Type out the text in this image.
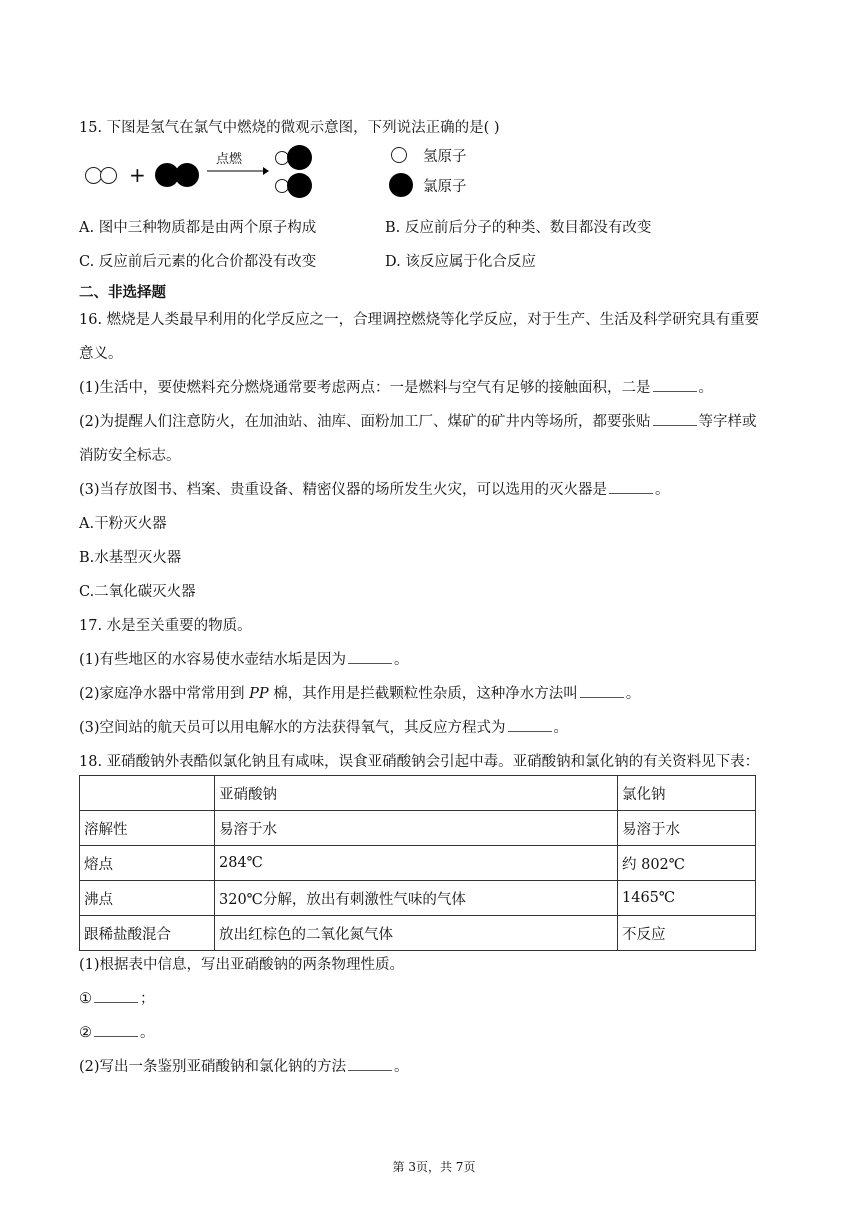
15. 下图是氢气在氯气中燃烧的微观示意图，下列说法正确的是( )
+
点燃	氢原子
氯原子
A. 图中三种物质都是由两个原子构成	B. 反应前后分子的种类、数目都没有改变
C. 反应前后元素的化合价都没有改变	D. 该反应属于化合反应
二、非选择题
16. 燃烧是人类最早利用的化学反应之一，合理调控燃烧等化学反应，对于生产、生活及科学研究具有重要
意义。
(1)生活中，要使燃料充分燃烧通常要考虑两点：一是燃料与空气有足够的接触面积，二是	。
(2)为提醒人们注意防火，在加油站、油库、面粉加工厂、煤矿的矿井内等场所，都要张贴	等字样或
消防安全标志。
(3)当存放图书、档案、贵重设备、精密仪器的场所发生火灾，可以选用的灭火器是	。
A.干粉灭火器
B.水基型灭火器
C.二氧化碳灭火器
17. 水是至关重要的物质。
(1)有些地区的水容易使水壶结水垢是因为	。
(2)家庭净水器中常常用到 PP 棉，其作用是拦截颗粒性杂质，这种净水方法叫	。
(3)空间站的航天员可以用电解水的方法获得氧气，其反应方程式为	。
18. 亚硝酸钠外表酷似氯化钠且有咸味，误食亚硝酸钠会引起中毒。亚硝酸钠和氯化钠的有关资料见下表：
	亚硝酸钠	氯化钠
溶解性	易溶于水	易溶于水
熔点	284℃	约 802℃
沸点	320℃分解，放出有刺激性气味的气体	1465℃
跟稀盐酸混合	放出红棕色的二氧化氮气体	不反应
(1)根据表中信息，写出亚硝酸钠的两条物理性质。
①	；
②	。
(2)写出一条鉴别亚硝酸钠和氯化钠的方法	。
第 3页，共 7页
